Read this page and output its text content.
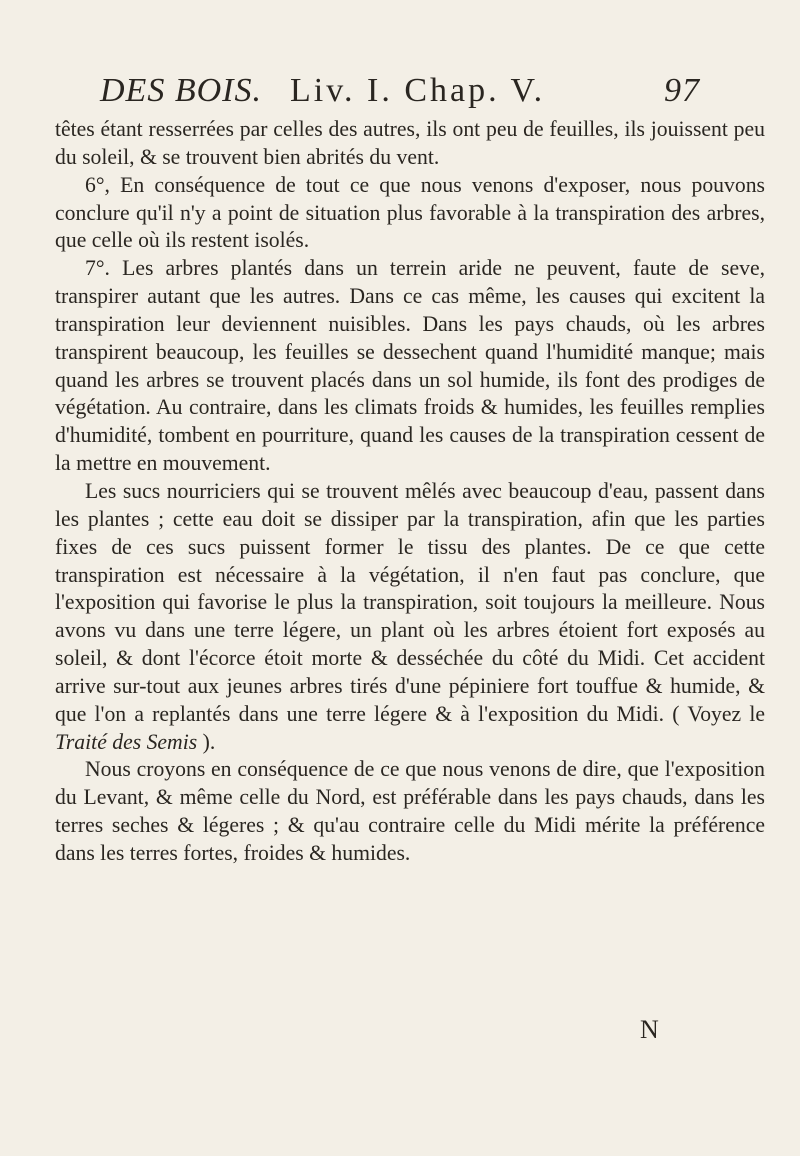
DES BOIS. Liv. I. Chap. V.	97

têtes étant resserrées par celles des autres, ils ont peu de feuilles, ils jouissent peu du soleil, & se trouvent bien abrités du vent.

6°, En conséquence de tout ce que nous venons d'exposer, nous pouvons conclure qu'il n'y a point de situation plus favorable à la transpiration des arbres, que celle où ils restent isolés.

7°. Les arbres plantés dans un terrein aride ne peuvent, faute de seve, transpirer autant que les autres. Dans ce cas même, les causes qui excitent la transpiration leur deviennent nuisibles. Dans les pays chauds, où les arbres transpirent beaucoup, les feuilles se dessechent quand l'humidité manque; mais quand les arbres se trouvent placés dans un sol humide, ils font des prodiges de végétation. Au contraire, dans les climats froids & humides, les feuilles remplies d'humidité, tombent en pourriture, quand les causes de la transpiration cessent de la mettre en mouvement.

Les sucs nourriciers qui se trouvent mêlés avec beaucoup d'eau, passent dans les plantes ; cette eau doit se dissiper par la transpiration, afin que les parties fixes de ces sucs puissent former le tissu des plantes. De ce que cette transpiration est nécessaire à la végétation, il n'en faut pas conclure, que l'exposition qui favorise le plus la transpiration, soit toujours la meilleure. Nous avons vu dans une terre légere, un plant où les arbres étoient fort exposés au soleil, & dont l'écorce étoit morte & desséchée du côté du Midi. Cet accident arrive sur-tout aux jeunes arbres tirés d'une pépiniere fort touffue & humide, & que l'on a replantés dans une terre légere & à l'exposition du Midi. ( Voyez le Traité des Semis ).

Nous croyons en conséquence de ce que nous venons de dire, que l'exposition du Levant, & même celle du Nord, est préférable dans les pays chauds, dans les terres seches & légeres ; & qu'au contraire celle du Midi mérite la préférence dans les terres fortes, froides & humides.

N
